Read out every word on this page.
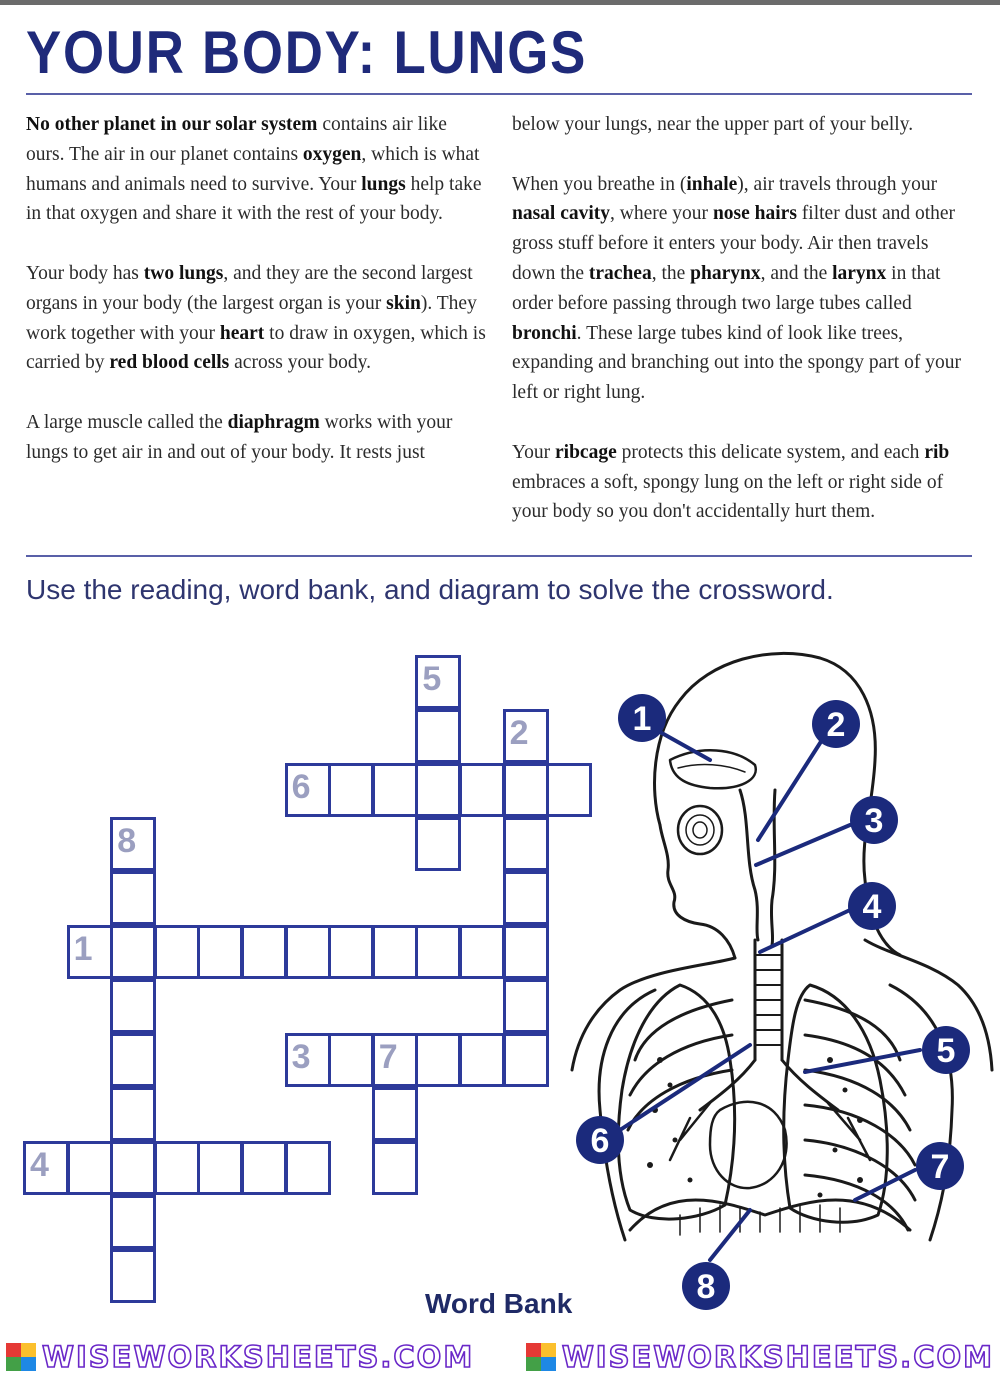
YOUR BODY: LUNGS

No other planet in our solar system contains air like ours. The air in our planet contains oxygen, which is what humans and animals need to survive. Your lungs help take in that oxygen and share it with the rest of your body.

Your body has two lungs, and they are the second largest organs in your body (the largest organ is your skin). They work together with your heart to draw in oxygen, which is carried by red blood cells across your body.

A large muscle called the diaphragm works with your lungs to get air in and out of your body. It rests just

below your lungs, near the upper part of your belly.

When you breathe in (inhale), air travels through your nasal cavity, where your nose hairs filter dust and other gross stuff before it enters your body. Air then travels down the trachea, the pharynx, and the larynx in that order before passing through two large tubes called bronchi. These large tubes kind of look like trees, expanding and branching out into the spongy part of your left or right lung.

Your ribcage protects this delicate system, and each rib embraces a soft, spongy lung on the left or right side of your body so you don't accidentally hurt them.

Use the reading, word bank, and diagram to solve the crossword.
5
2
6
8
1
3 7
4
1	2
3
4
5
6
7
8
Word Bank
WISEWORKSHEETS.COM	WISEWORKSHEETS.COM
